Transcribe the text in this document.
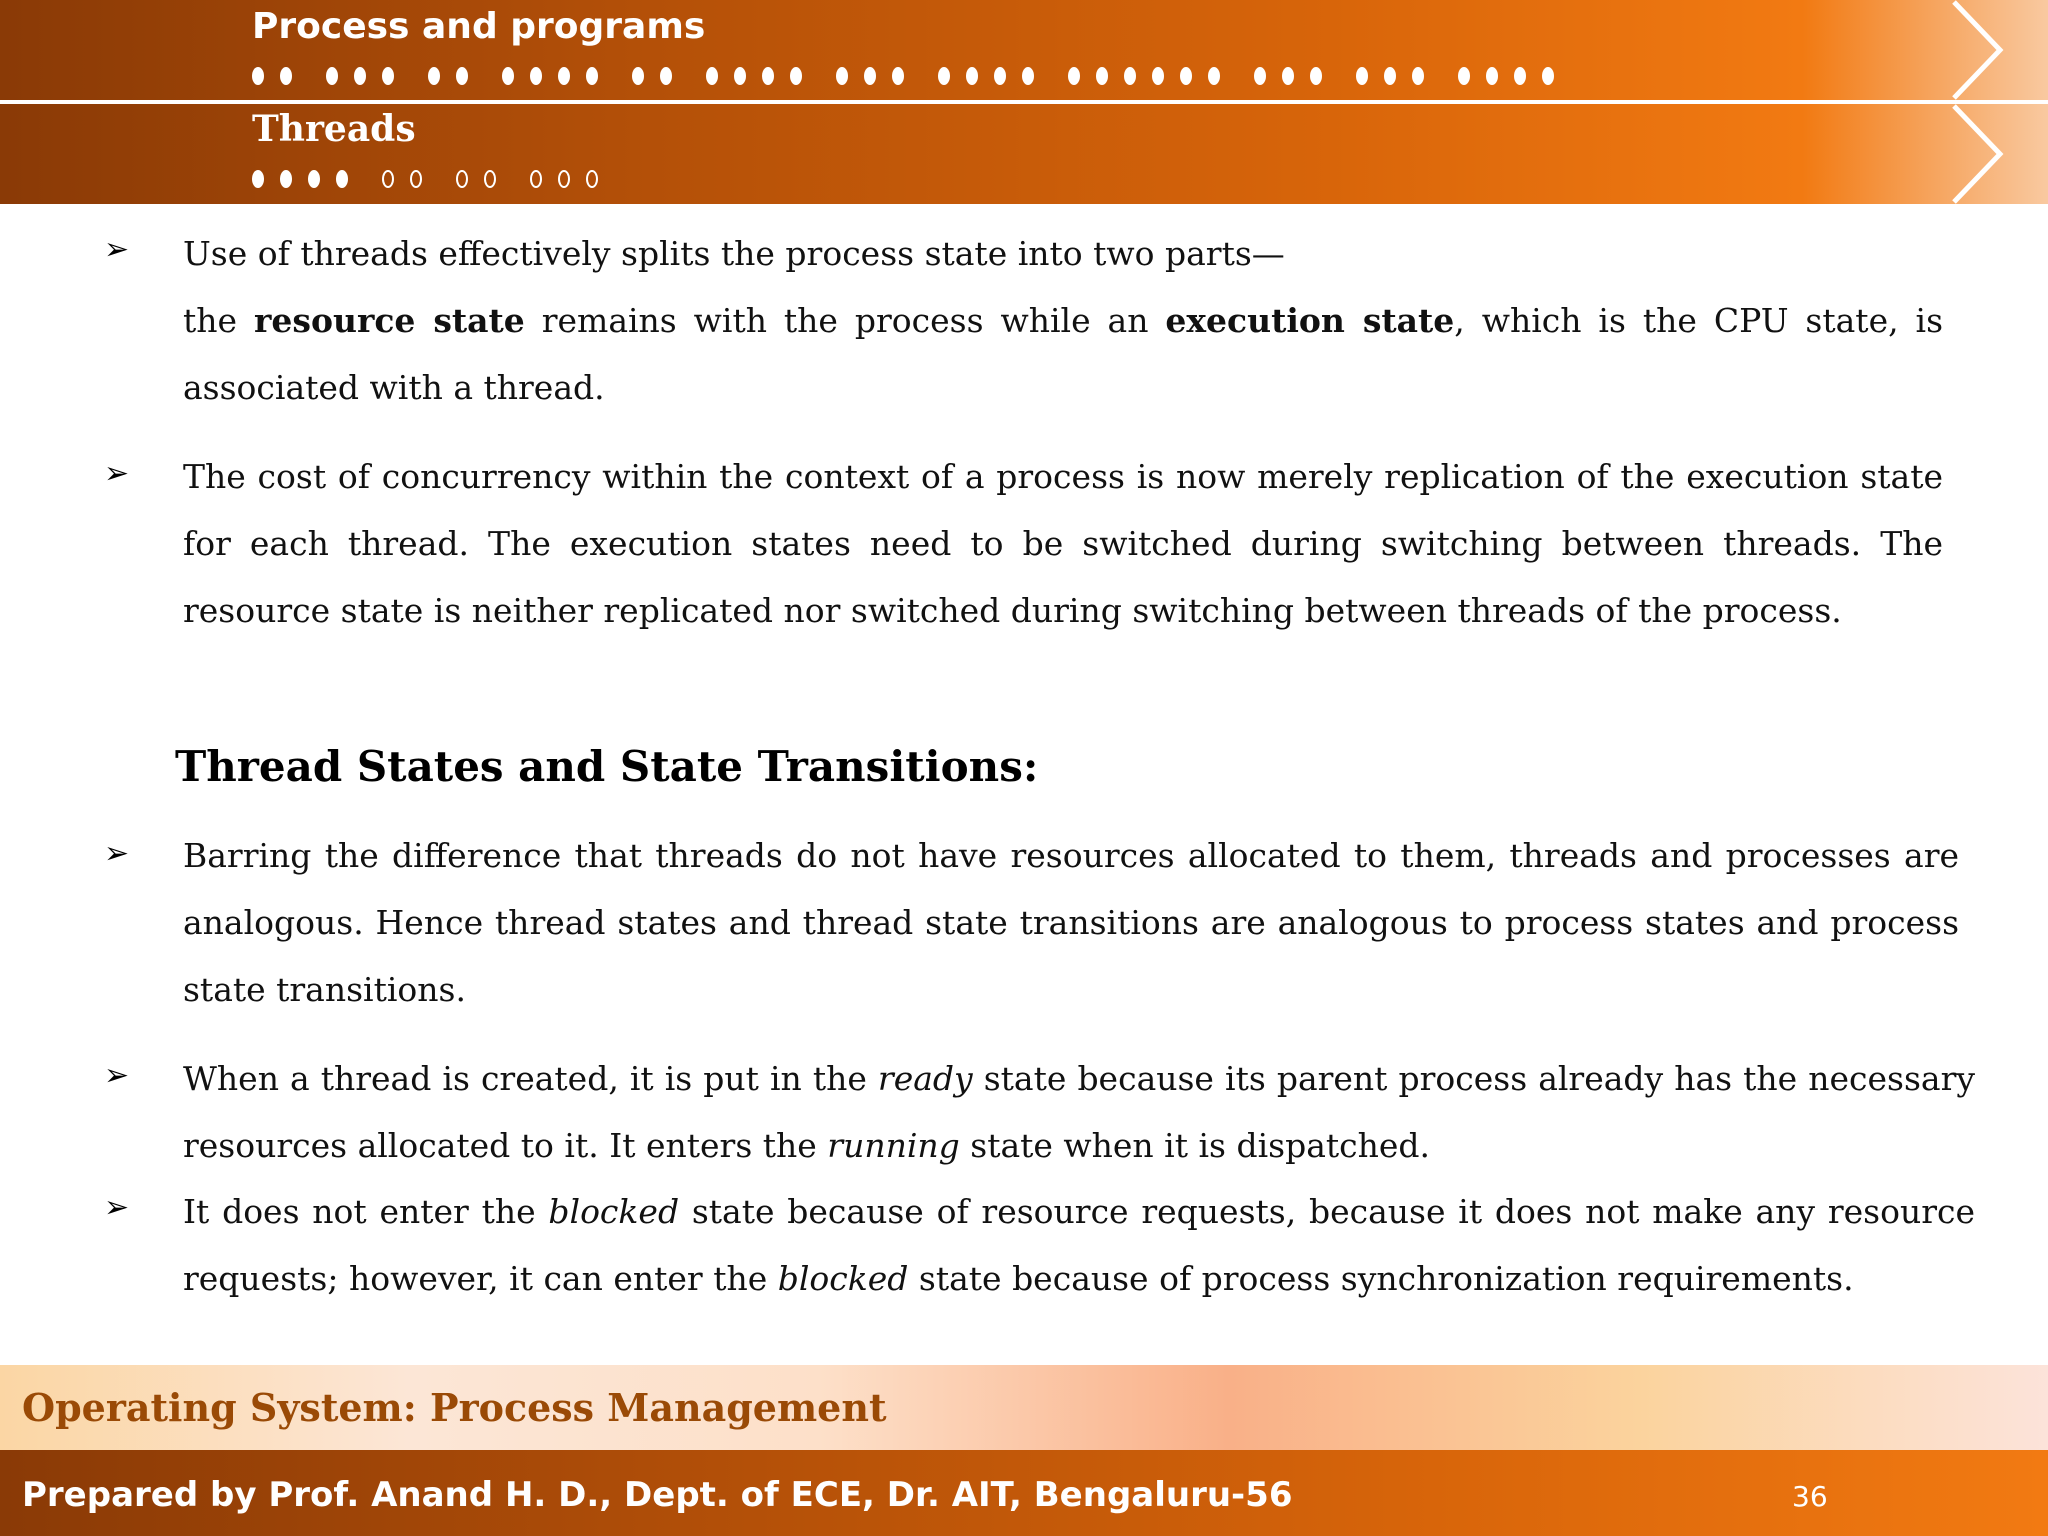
Process and programs
Threads
➢ Use of threads effectively splits the process state into two parts—
the resource state remains with the process while an execution state, which is the CPU state, is associated with a thread.
➢ The cost of concurrency within the context of a process is now merely replication of the execution state for each thread. The execution states need to be switched during switching between threads. The resource state is neither replicated nor switched during switching between threads of the process.
Thread States and State Transitions:
➢ Barring the difference that threads do not have resources allocated to them, threads and processes are analogous. Hence thread states and thread state transitions are analogous to process states and process state transitions.
➢ When a thread is created, it is put in the ready state because its parent process already has the necessary resources allocated to it. It enters the running state when it is dispatched.
➢ It does not enter the blocked state because of resource requests, because it does not make any resource requests; however, it can enter the blocked state because of process synchronization requirements.
Operating System: Process Management
Prepared by Prof. Anand H. D., Dept. of ECE, Dr. AIT, Bengaluru-56	36
